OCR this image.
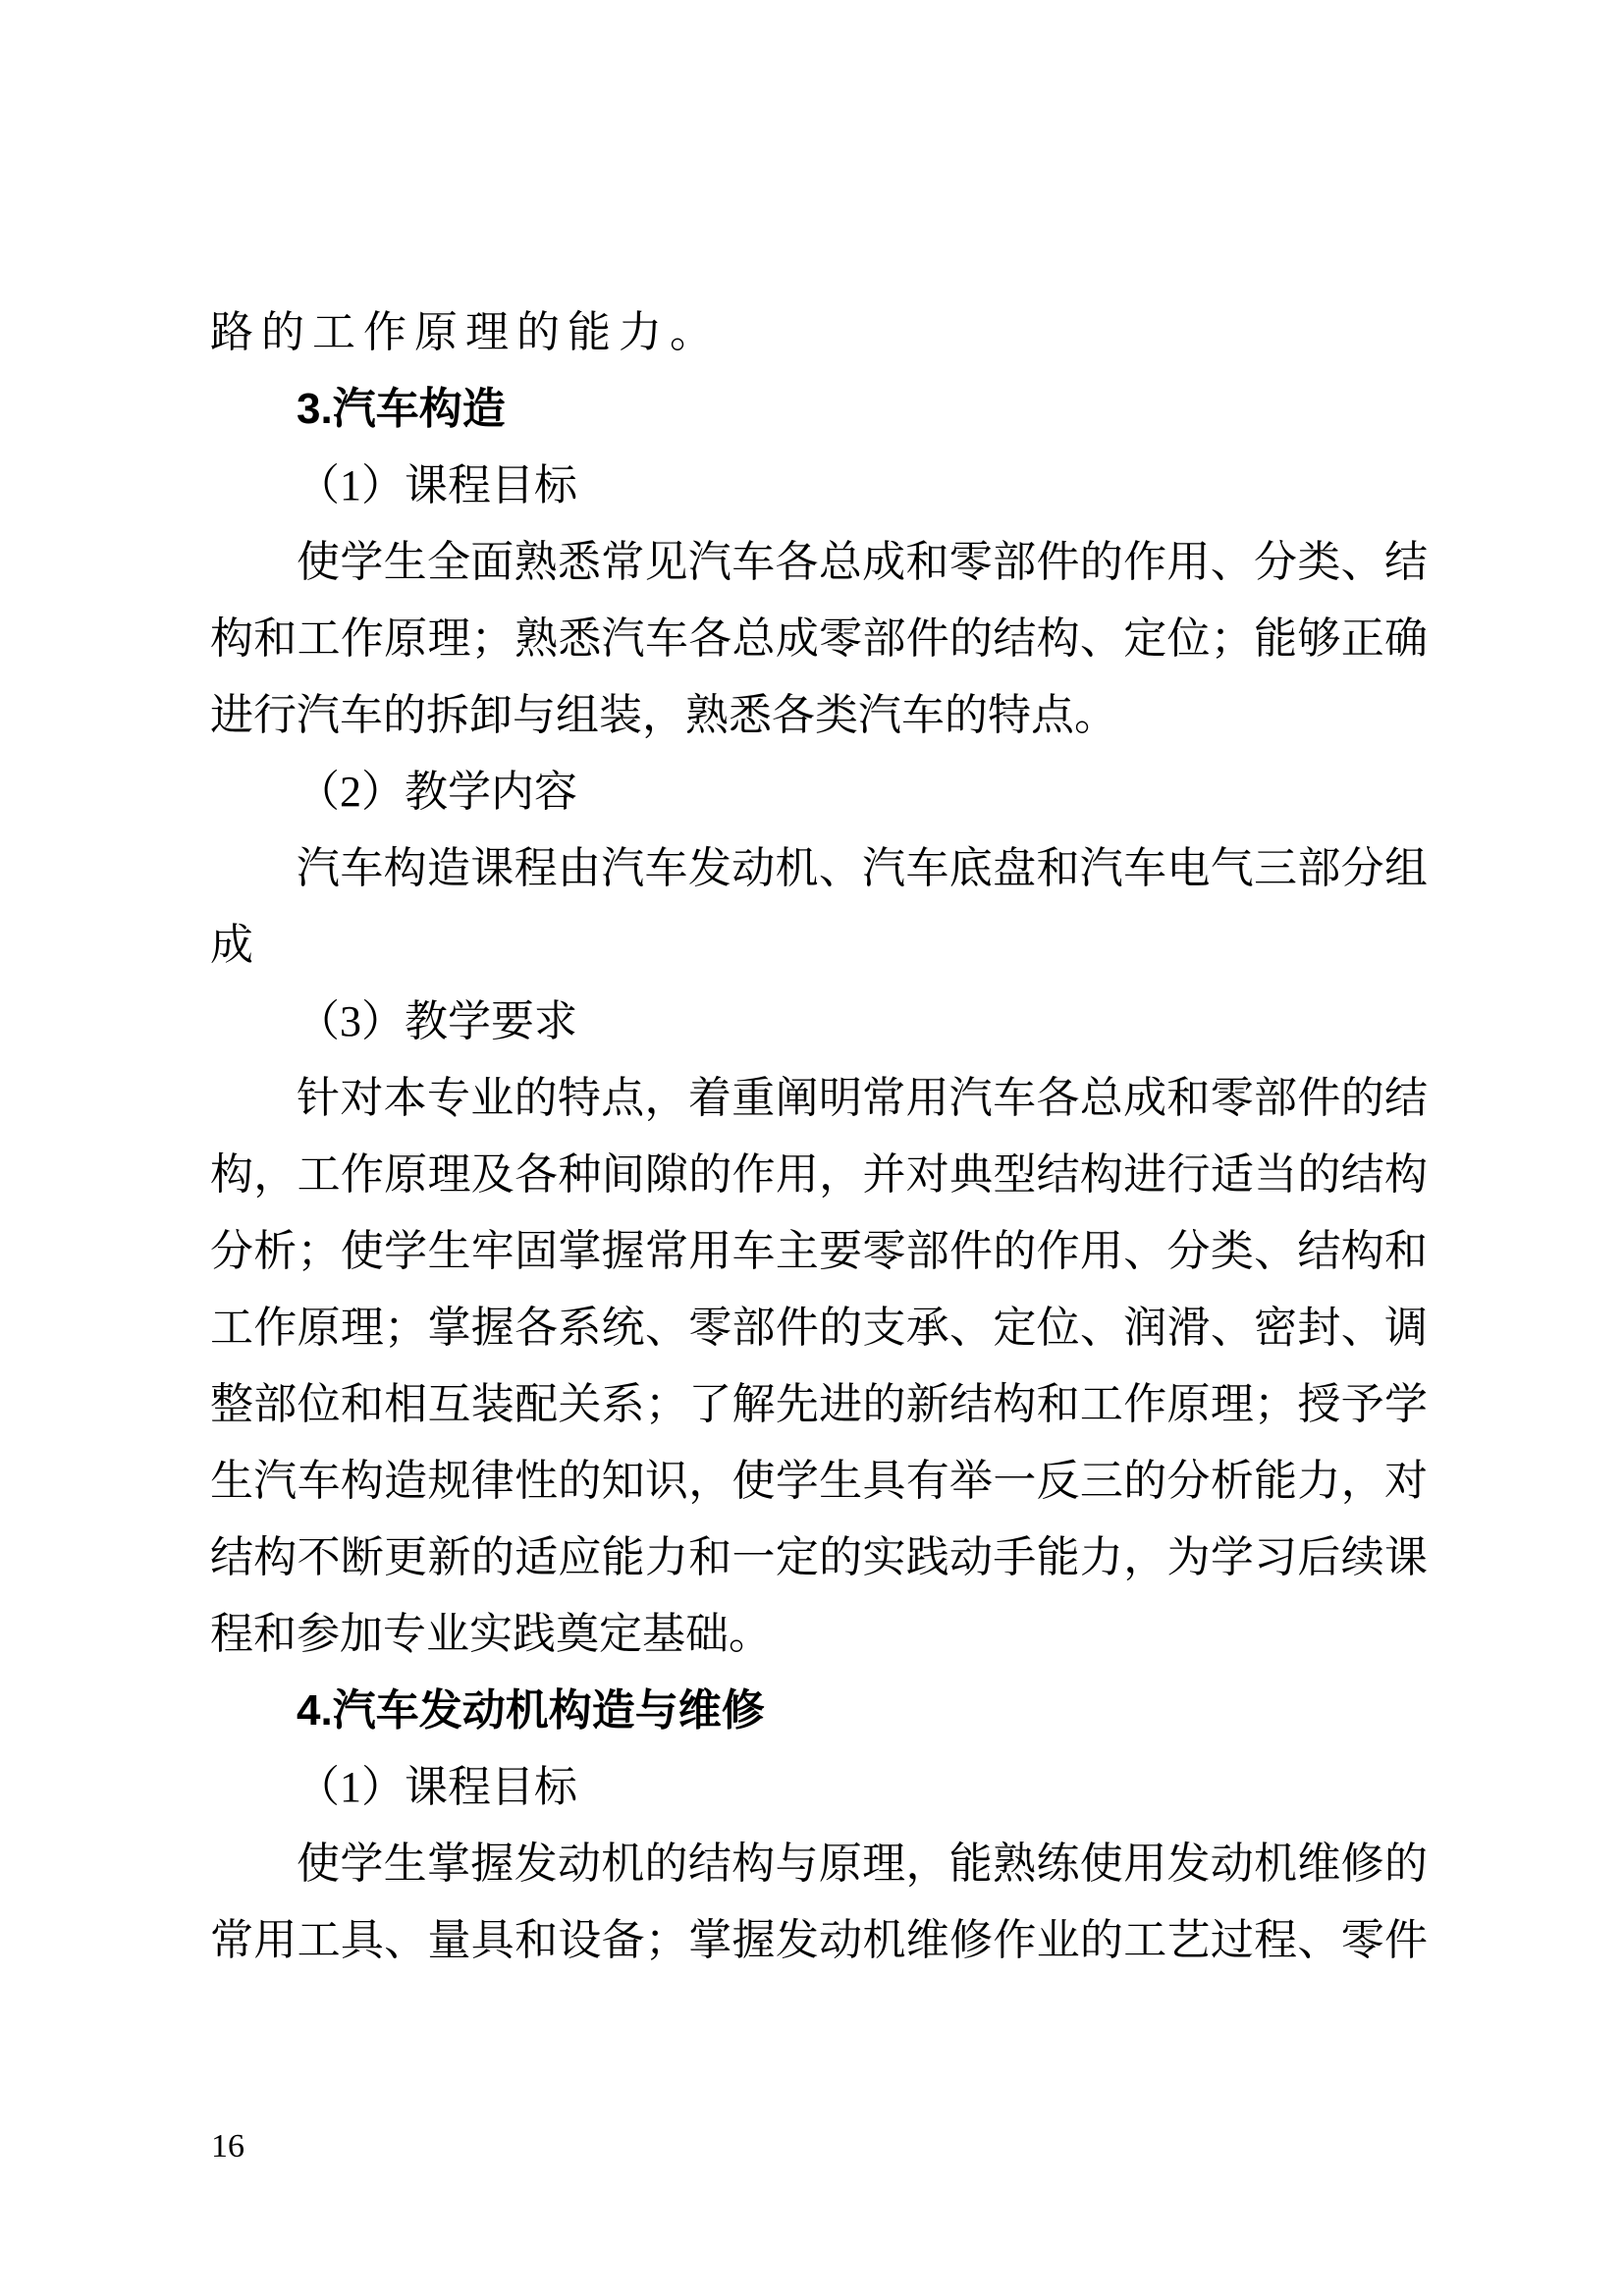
路的工作原理的能力。
3.汽车构造
（1）课程目标
使学生全面熟悉常见汽车各总成和零部件的作用、分类、结
构和工作原理；熟悉汽车各总成零部件的结构、定位；能够正确
进行汽车的拆卸与组装，熟悉各类汽车的特点。
（2）教学内容
汽车构造课程由汽车发动机、汽车底盘和汽车电气三部分组
成
（3）教学要求
针对本专业的特点，着重阐明常用汽车各总成和零部件的结
构，工作原理及各种间隙的作用，并对典型结构进行适当的结构
分析；使学生牢固掌握常用车主要零部件的作用、分类、结构和
工作原理；掌握各系统、零部件的支承、定位、润滑、密封、调
整部位和相互装配关系；了解先进的新结构和工作原理；授予学
生汽车构造规律性的知识，使学生具有举一反三的分析能力，对
结构不断更新的适应能力和一定的实践动手能力，为学习后续课
程和参加专业实践奠定基础。
4.汽车发动机构造与维修
（1）课程目标
使学生掌握发动机的结构与原理，能熟练使用发动机维修的
常用工具、量具和设备；掌握发动机维修作业的工艺过程、零件
16
